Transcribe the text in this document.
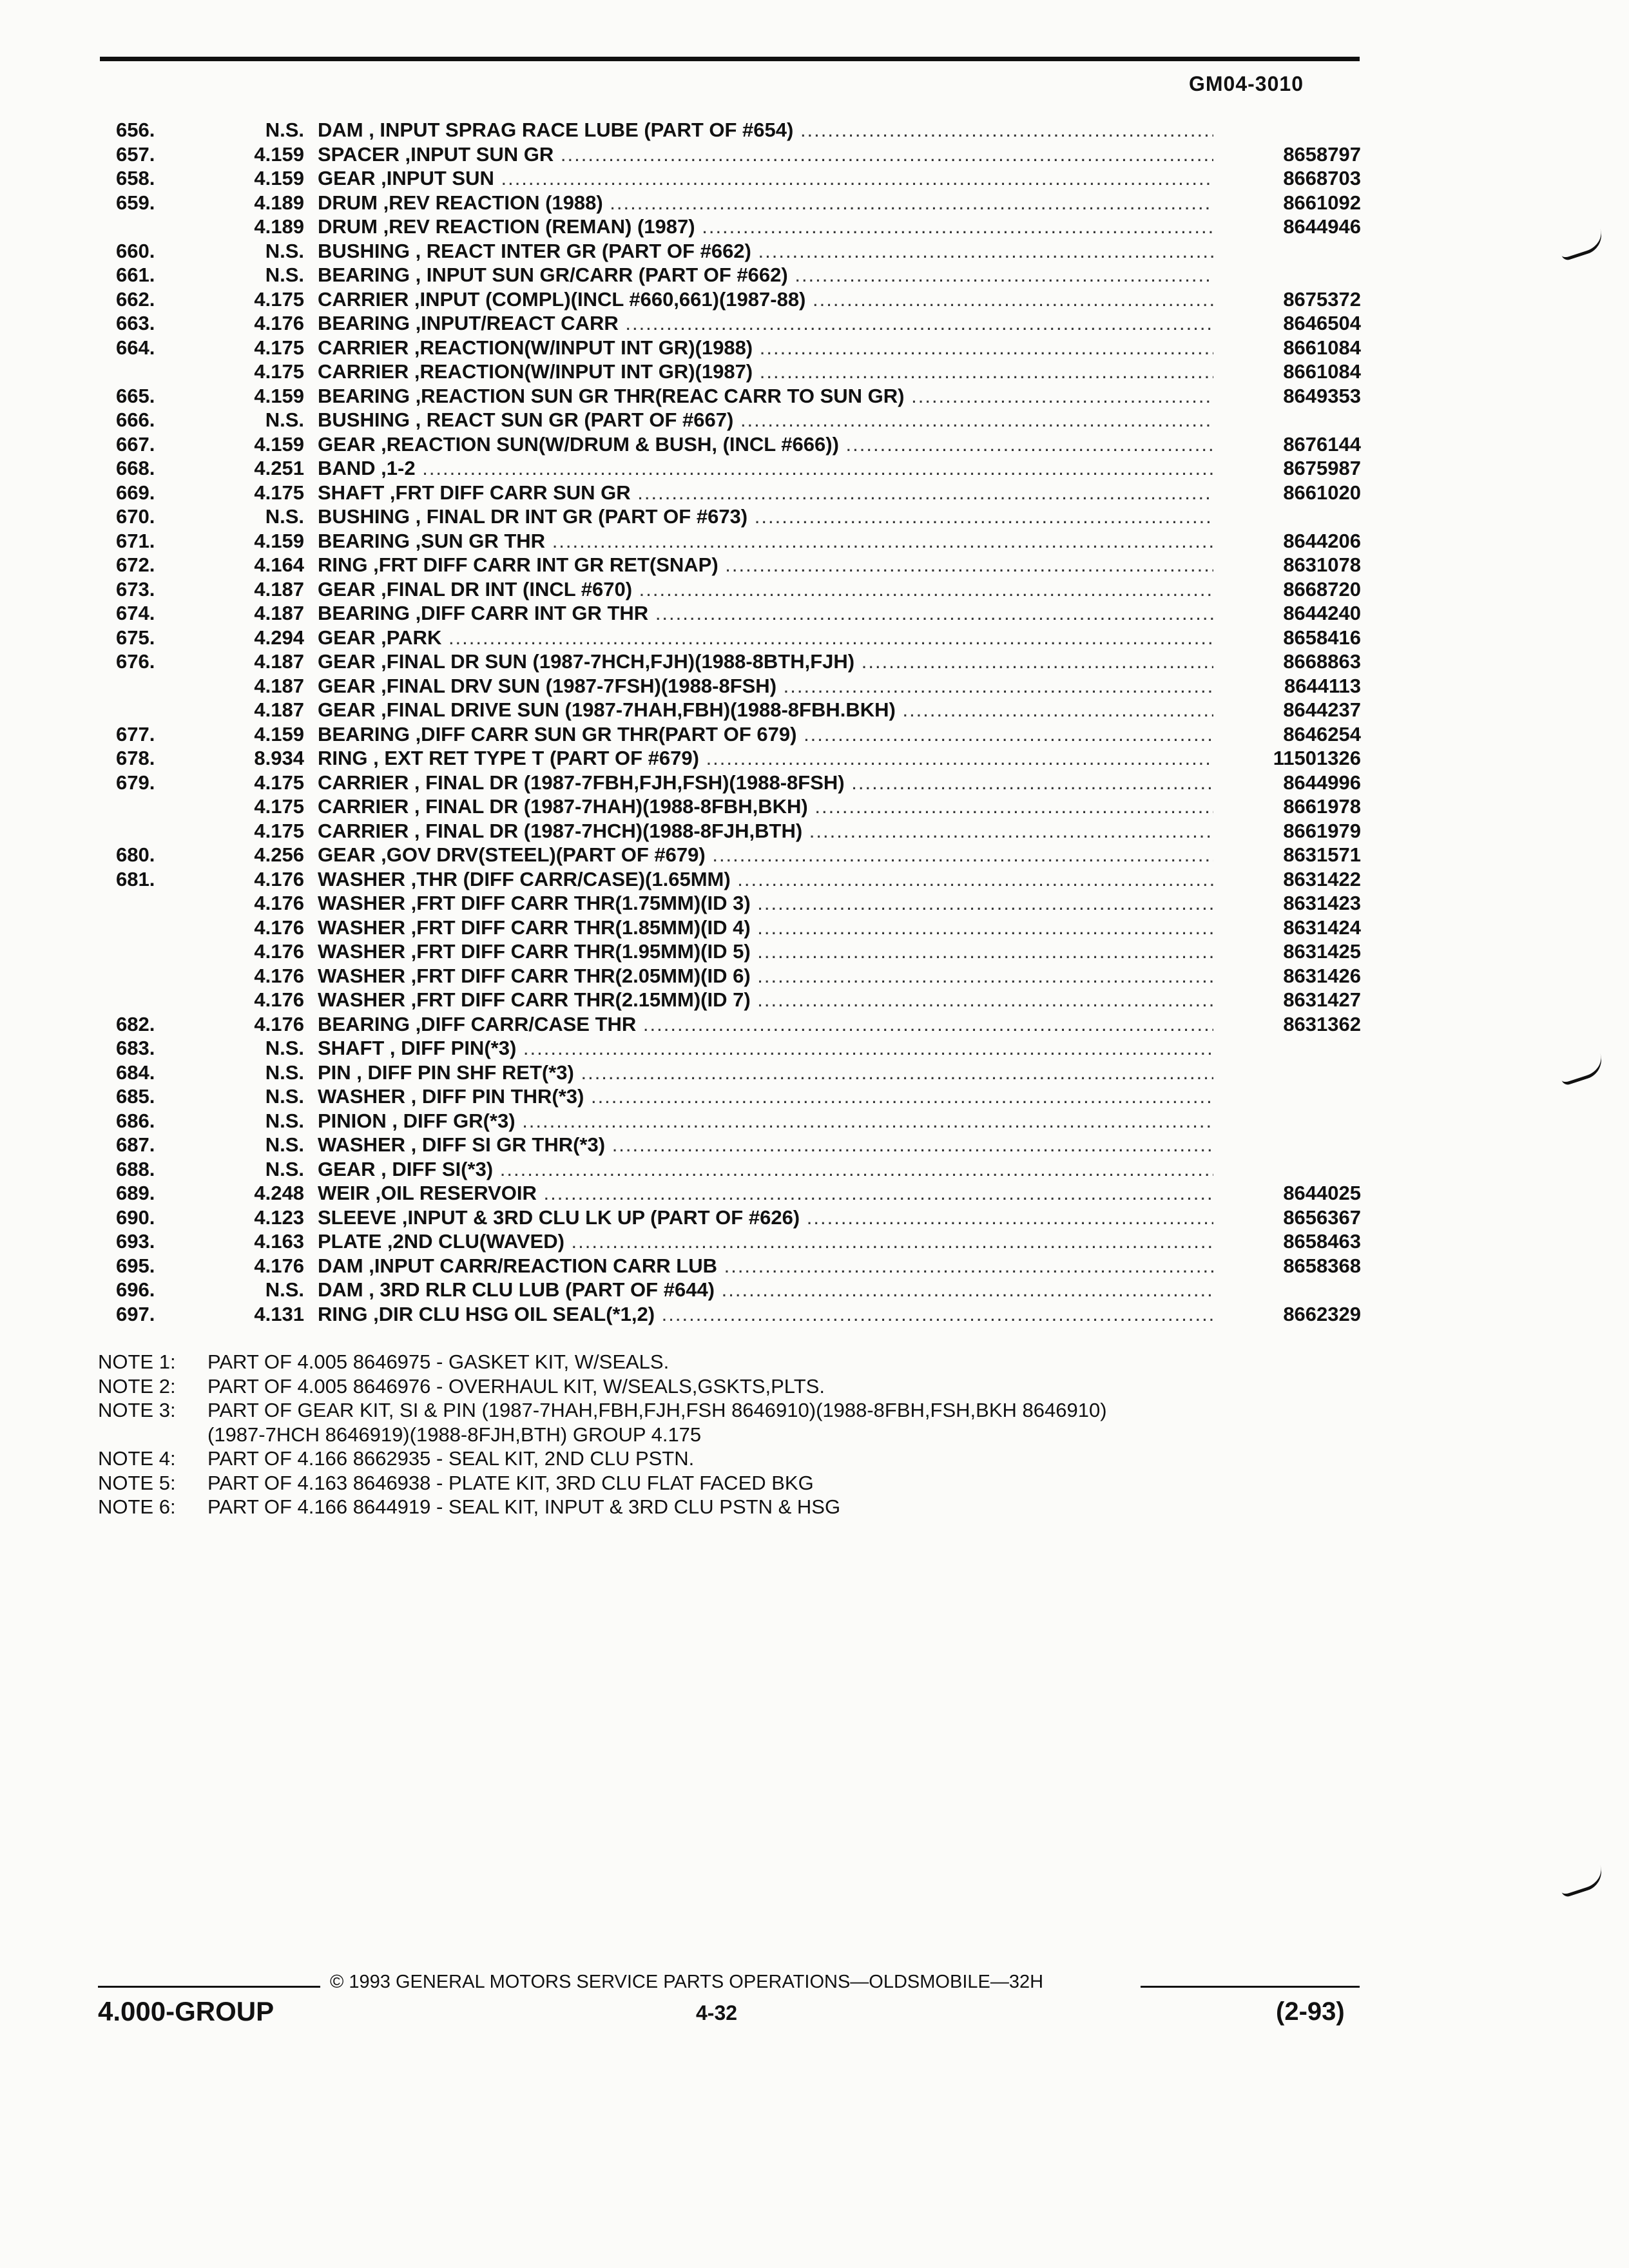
GM04-3010
656.	N.S. DAM , INPUT SPRAG RACE LUBE (PART OF #654) .....
657.	4.159 SPACER ,INPUT SUN GR .....	8658797
658.	4.159 GEAR ,INPUT SUN .....	8668703
659.	4.189 DRUM ,REV REACTION (1988) .....	8661092
4.189 DRUM ,REV REACTION (REMAN) (1987) .....	8644946
660.	N.S. BUSHING , REACT INTER GR (PART OF #662) .....
661.	N.S. BEARING , INPUT SUN GR/CARR (PART OF #662) .....
662.	4.175 CARRIER ,INPUT (COMPL)(INCL #660,661)(1987-88) .....	8675372
663.	4.176 BEARING ,INPUT/REACT CARR .....	8646504
664.	4.175 CARRIER ,REACTION(W/INPUT INT GR)(1988) .....	8661084
4.175 CARRIER ,REACTION(W/INPUT INT GR)(1987) .....	8661084
665.	4.159 BEARING ,REACTION SUN GR THR(REAC CARR TO SUN GR) .....	8649353
666.	N.S. BUSHING , REACT SUN GR (PART OF #667) .....
667.	4.159 GEAR ,REACTION SUN(W/DRUM & BUSH, (INCL #666)) .....	8676144
668.	4.251 BAND ,1-2 .....	8675987
669.	4.175 SHAFT ,FRT DIFF CARR SUN GR .....	8661020
670.	N.S. BUSHING , FINAL DR INT GR (PART OF #673) .....
671.	4.159 BEARING ,SUN GR THR .....	8644206
672.	4.164 RING ,FRT DIFF CARR INT GR RET(SNAP) .....	8631078
673.	4.187 GEAR ,FINAL DR INT (INCL #670) .....	8668720
674.	4.187 BEARING ,DIFF CARR INT GR THR .....	8644240
675.	4.294 GEAR ,PARK .....	8658416
676.	4.187 GEAR ,FINAL DR SUN (1987-7HCH,FJH)(1988-8BTH,FJH) .....	8668863
4.187 GEAR ,FINAL DRV SUN (1987-7FSH)(1988-8FSH) .....	8644113
4.187 GEAR ,FINAL DRIVE SUN (1987-7HAH,FBH)(1988-8FBH.BKH) .....	8644237
677.	4.159 BEARING ,DIFF CARR SUN GR THR(PART OF 679) .....	8646254
678.	8.934 RING , EXT RET TYPE T (PART OF #679) .....	11501326
679.	4.175 CARRIER , FINAL DR (1987-7FBH,FJH,FSH)(1988-8FSH) .....	8644996
4.175 CARRIER , FINAL DR (1987-7HAH)(1988-8FBH,BKH) .....	8661978
4.175 CARRIER , FINAL DR (1987-7HCH)(1988-8FJH,BTH) .....	8661979
680.	4.256 GEAR ,GOV DRV(STEEL)(PART OF #679) .....	8631571
681.	4.176 WASHER ,THR (DIFF CARR/CASE)(1.65MM) .....	8631422
4.176 WASHER ,FRT DIFF CARR THR(1.75MM)(ID 3) .....	8631423
4.176 WASHER ,FRT DIFF CARR THR(1.85MM)(ID 4) .....	8631424
4.176 WASHER ,FRT DIFF CARR THR(1.95MM)(ID 5) .....	8631425
4.176 WASHER ,FRT DIFF CARR THR(2.05MM)(ID 6) .....	8631426
4.176 WASHER ,FRT DIFF CARR THR(2.15MM)(ID 7) .....	8631427
682.	4.176 BEARING ,DIFF CARR/CASE THR .....	8631362
683.	N.S. SHAFT , DIFF PIN(*3) .....
684.	N.S. PIN , DIFF PIN SHF RET(*3) .....
685.	N.S. WASHER , DIFF PIN THR(*3) .....
686.	N.S. PINION , DIFF GR(*3) .....
687.	N.S. WASHER , DIFF SI GR THR(*3) .....
688.	N.S. GEAR , DIFF SI(*3) .....
689.	4.248 WEIR ,OIL RESERVOIR .....	8644025
690.	4.123 SLEEVE ,INPUT & 3RD CLU LK UP (PART OF #626) .....	8656367
693.	4.163 PLATE ,2ND CLU(WAVED) .....	8658463
695.	4.176 DAM ,INPUT CARR/REACTION CARR LUB .....	8658368
696.	N.S. DAM , 3RD RLR CLU LUB (PART OF #644) .....
697.	4.131 RING ,DIR CLU HSG OIL SEAL(*1,2) .....	8662329
NOTE 1: PART OF 4.005 8646975 - GASKET KIT, W/SEALS.
NOTE 2: PART OF 4.005 8646976 - OVERHAUL KIT, W/SEALS,GSKTS,PLTS.
NOTE 3: PART OF GEAR KIT, SI & PIN (1987-7HAH,FBH,FJH,FSH 8646910)(1988-8FBH,FSH,BKH 8646910)
(1987-7HCH 8646919)(1988-8FJH,BTH) GROUP 4.175
NOTE 4: PART OF 4.166 8662935 - SEAL KIT, 2ND CLU PSTN.
NOTE 5: PART OF 4.163 8646938 - PLATE KIT, 3RD CLU FLAT FACED BKG
NOTE 6: PART OF 4.166 8644919 - SEAL KIT, INPUT & 3RD CLU PSTN & HSG
© 1993 GENERAL MOTORS SERVICE PARTS OPERATIONS—OLDSMOBILE—32H
4.000-GROUP	4-32	(2-93)
